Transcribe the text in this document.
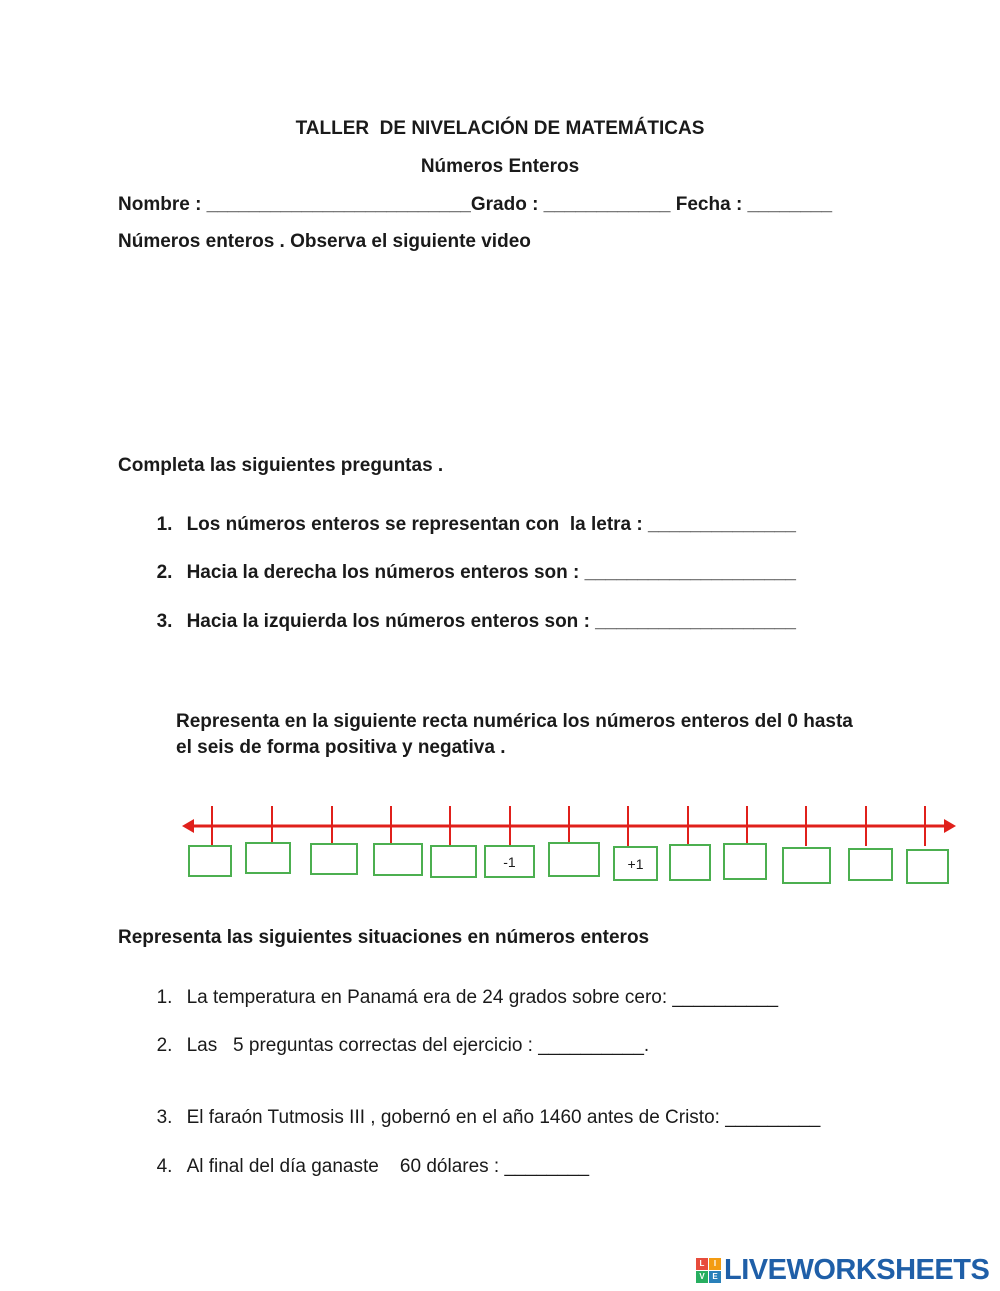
TALLER  DE NIVELACIÓN DE MATEMÁTICAS
Números Enteros
Nombre : _________________________Grado : ____________ Fecha : ________
Números enteros . Observa el siguiente video
Completa las siguientes preguntas .

1. Los números enteros se representan con  la letra : ______________

2. Hacia la derecha los números enteros son : ____________________

3. Hacia la izquierda los números enteros son : ___________________

Representa en la siguiente recta numérica los números enteros del 0 hasta
el seis de forma positiva y negativa .
-1	+1
Representa las siguientes situaciones en números enteros

1. La temperatura en Panamá era de 24 grados sobre cero: __________

2. Las   5 preguntas correctas del ejercicio : __________.

3. El faraón Tutmosis III , gobernó en el año 1460 antes de Cristo: _________

4. Al final del día ganaste    60 dólares : ________

L	I
V E LIVEWORKSHEETS
